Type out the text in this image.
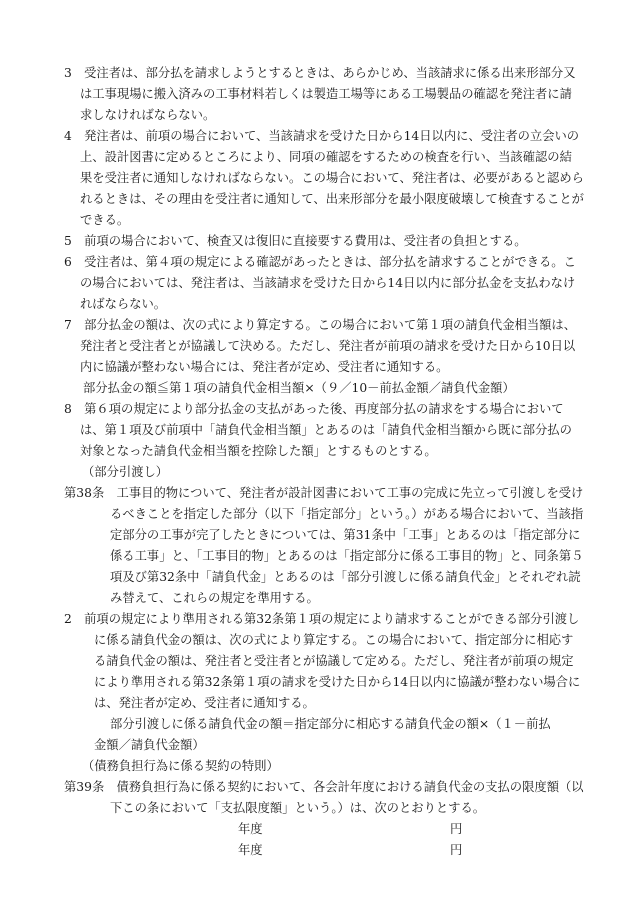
3　受注者は、部分払を請求しようとするときは、あらかじめ、当該請求に係る出来形部分又は工事現場に搬入済みの工事材料若しくは製造工場等にある工場製品の確認を発注者に請求しなければならない。

4　発注者は、前項の場合において、当該請求を受けた日から14日以内に、受注者の立会いの上、設計図書に定めるところにより、同項の確認をするための検査を行い、当該確認の結果を受注者に通知しなければならない。この場合において、発注者は、必要があると認められるときは、その理由を受注者に通知して、出来形部分を最小限度破壊して検査することができる。

5　前項の場合において、検査又は復旧に直接要する費用は、受注者の負担とする。

6　受注者は、第４項の規定による確認があったときは、部分払を請求することができる。この場合においては、発注者は、当該請求を受けた日から14日以内に部分払金を支払わなければならない。

7　部分払金の額は、次の式により算定する。この場合において第１項の請負代金相当額は、発注者と受注者とが協議して決める。ただし、発注者が前項の請求を受けた日から10日以内に協議が整わない場合には、発注者が定め、受注者に通知する。

部分払金の額≦第１項の請負代金相当額×（９／10－前払金額／請負代金額）

8　第６項の規定により部分払金の支払があった後、再度部分払の請求をする場合においては、第１項及び前項中「請負代金相当額」とあるのは「請負代金相当額から既に部分払の対象となった請負代金相当額を控除した額」とするものとする。

（部分引渡し）

第38条　工事目的物について、発注者が設計図書において工事の完成に先立って引渡しを受けるべきことを指定した部分（以下「指定部分」という。）がある場合において、当該指定部分の工事が完了したときについては、第31条中「工事」とあるのは「指定部分に係る工事」と、「工事目的物」とあるのは「指定部分に係る工事目的物」と、同条第５項及び第32条中「請負代金」とあるのは「部分引渡しに係る請負代金」とそれぞれ読み替えて、これらの規定を準用する。

2　前項の規定により準用される第32条第１項の規定により請求することができる部分引渡しに係る請負代金の額は、次の式により算定する。この場合において、指定部分に相応する請負代金の額は、発注者と受注者とが協議して定める。ただし、発注者が前項の規定により準用される第32条第１項の請求を受けた日から14日以内に協議が整わない場合には、発注者が定め、受注者に通知する。

部分引渡しに係る請負代金の額＝指定部分に相応する請負代金の額×（１－前払
金額／請負代金額）

（債務負担行為に係る契約の特則）

第39条　債務負担行為に係る契約において、各会計年度における請負代金の支払の限度額（以下この条において「支払限度額」という。）は、次のとおりとする。

年度	円
年度	円
